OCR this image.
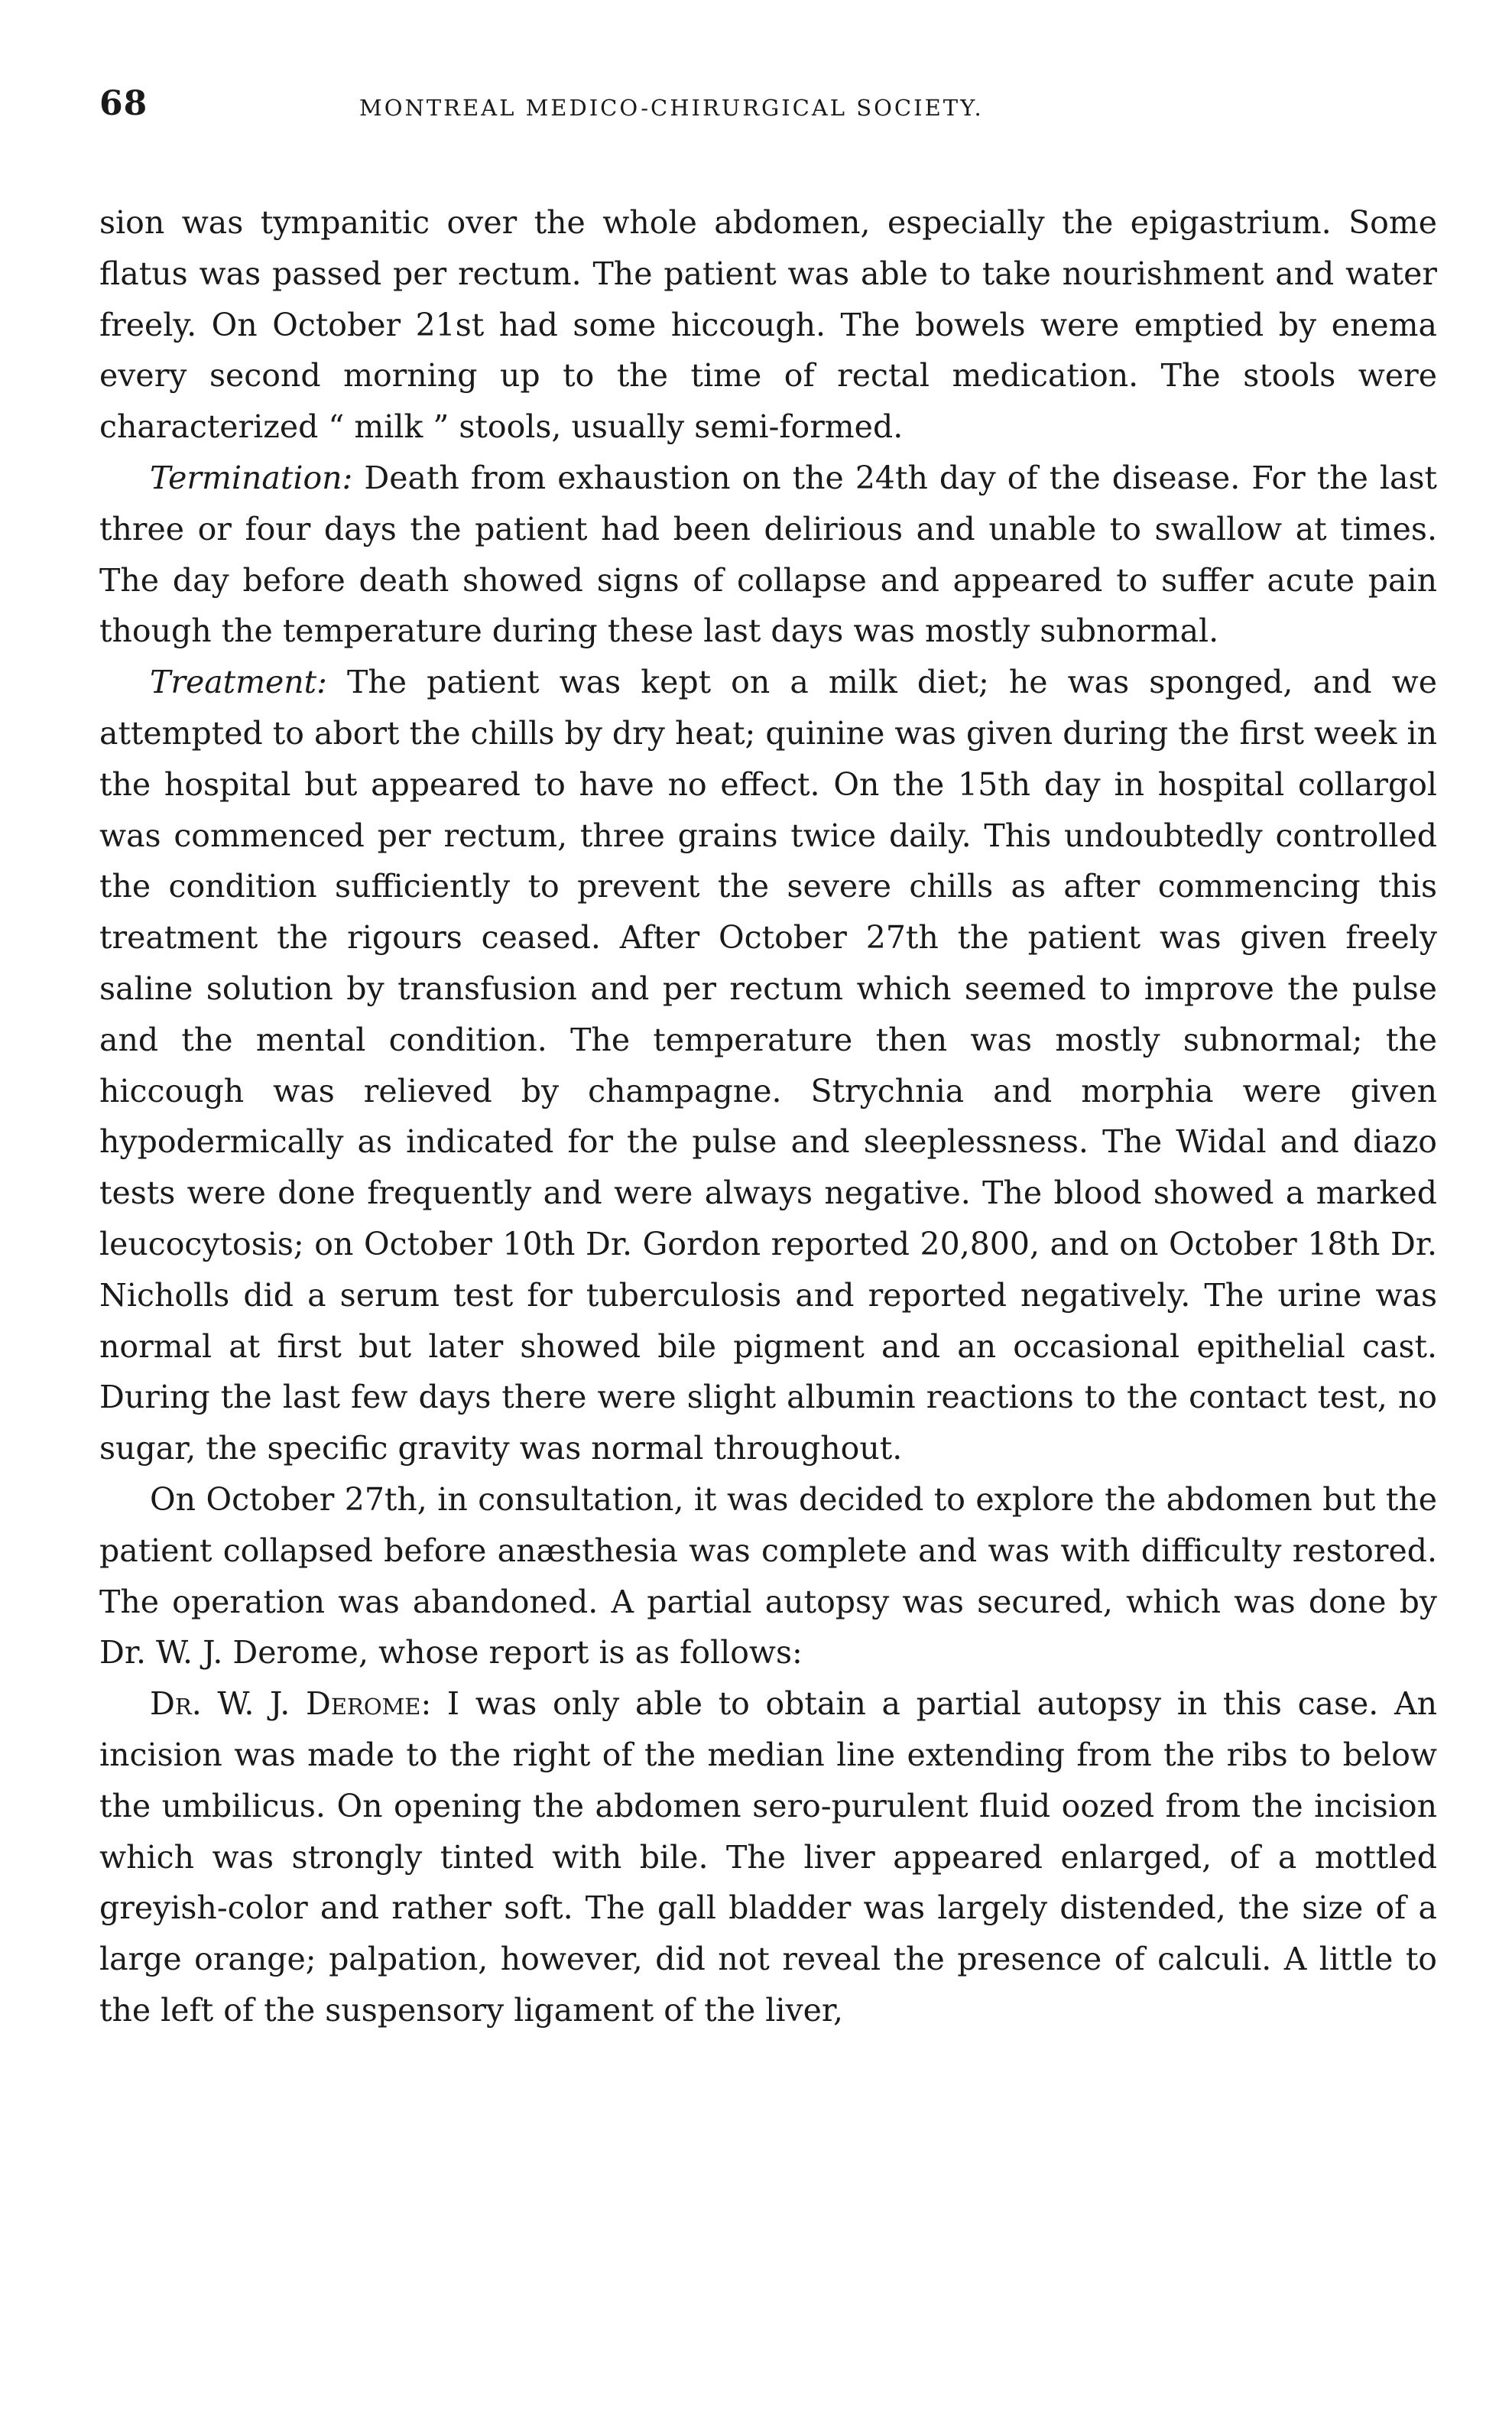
68	MONTREAL MEDICO-CHIRURGICAL SOCIETY.

sion was tympanitic over the whole abdomen, especially the epigastrium. Some flatus was passed per rectum. The patient was able to take nourishment and water freely. On October 21st had some hiccough. The bowels were emptied by enema every second morning up to the time of rectal medication. The stools were characterized “ milk ” stools, usually semi-formed.

Termination: Death from exhaustion on the 24th day of the disease. For the last three or four days the patient had been delirious and unable to swallow at times. The day before death showed signs of collapse and appeared to suffer acute pain though the temperature during these last days was mostly subnormal.

Treatment: The patient was kept on a milk diet; he was sponged, and we attempted to abort the chills by dry heat; quinine was given during the first week in the hospital but appeared to have no effect. On the 15th day in hospital collargol was commenced per rectum, three grains twice daily. This undoubtedly controlled the condition sufficiently to prevent the severe chills as after commencing this treatment the rigours ceased. After October 27th the patient was given freely saline solution by transfusion and per rectum which seemed to improve the pulse and the mental condition. The temperature then was mostly subnormal; the hiccough was relieved by champagne. Strychnia and morphia were given hypodermically as indicated for the pulse and sleeplessness. The Widal and diazo tests were done frequently and were always negative. The blood showed a marked leucocytosis; on October 10th Dr. Gordon reported 20,800, and on October 18th Dr. Nicholls did a serum test for tuberculosis and reported negatively. The urine was normal at first but later showed bile pigment and an occasional epithelial cast. During the last few days there were slight albumin reactions to the contact test, no sugar, the specific gravity was normal throughout.

On October 27th, in consultation, it was decided to explore the abdomen but the patient collapsed before anæsthesia was complete and was with difficulty restored. The operation was abandoned. A partial autopsy was secured, which was done by Dr. W. J. Derome, whose report is as follows:

Dr. W. J. Derome: I was only able to obtain a partial autopsy in this case. An incision was made to the right of the median line extending from the ribs to below the umbilicus. On opening the abdomen sero-purulent fluid oozed from the incision which was strongly tinted with bile. The liver appeared enlarged, of a mottled greyish-color and rather soft. The gall bladder was largely distended, the size of a large orange; palpation, however, did not reveal the presence of calculi. A little to the left of the suspensory ligament of the liver,
